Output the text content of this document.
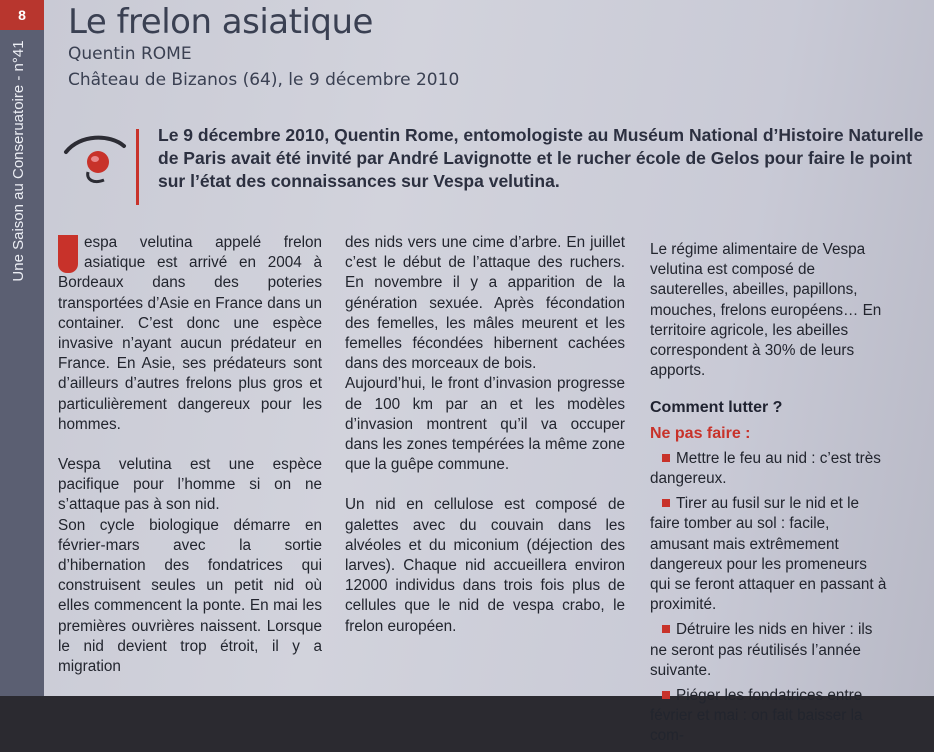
8
Une Saison au Conseruatoire - n°41
Le frelon asiatique
Quentin ROME
Château de Bizanos (64), le 9 décembre 2010
Le 9 décembre 2010, Quentin Rome, entomologiste au Muséum National d’Histoire Naturelle de Paris avait été invité par André Lavignotte et le rucher école de Gelos pour faire le point sur l’état des connaissances sur Vespa velutina.

espa velutina appelé frelon asiatique est arrivé en 2004 à Bordeaux dans des poteries transportées d’Asie en France dans un container. C’est donc une espèce invasive n’ayant aucun prédateur en France. En Asie, ses prédateurs sont d’ailleurs d’autres frelons plus gros et particulièrement dangereux pour les hommes.

Vespa velutina est une espèce pacifique pour l’homme si on ne s’attaque pas à son nid.

Son cycle biologique démarre en février-mars avec la sortie d’hibernation des fondatrices qui construisent seules un petit nid où elles commencent la ponte. En mai les premières ouvrières naissent. Lorsque le nid devient trop étroit, il y a migration

des nids vers une cime d’arbre. En juillet c’est le début de l’attaque des ruchers. En novembre il y a apparition de la génération sexuée. Après fécondation des femelles, les mâles meurent et les femelles fécondées hibernent cachées dans des morceaux de bois.

Aujourd’hui, le front d’invasion progresse de 100 km par an et les modèles d’invasion montrent qu’il va occuper dans les zones tempérées la même zone que la guêpe commune.

Un nid en cellulose est composé de galettes avec du couvain dans les alvéoles et du miconium (déjection des larves). Chaque nid accueillera environ 12000 individus dans trois fois plus de cellules que le nid de vespa crabo, le frelon européen.

Le régime alimentaire de Vespa velutina est composé de sauterelles, abeilles, papillons, mouches, frelons européens… En territoire agricole, les abeilles correspondent à 30% de leurs apports.

Comment lutter ?

Ne pas faire :

Mettre le feu au nid : c’est très dangereux.

Tirer au fusil sur le nid et le faire tomber au sol : facile, amusant mais extrêmement dangereux pour les promeneurs qui se feront attaquer en passant à proximité.

Détruire les nids en hiver : ils ne seront pas réutilisés l’année suivante.

Piéger les fondatrices entre février et mai : on fait baisser la com-
